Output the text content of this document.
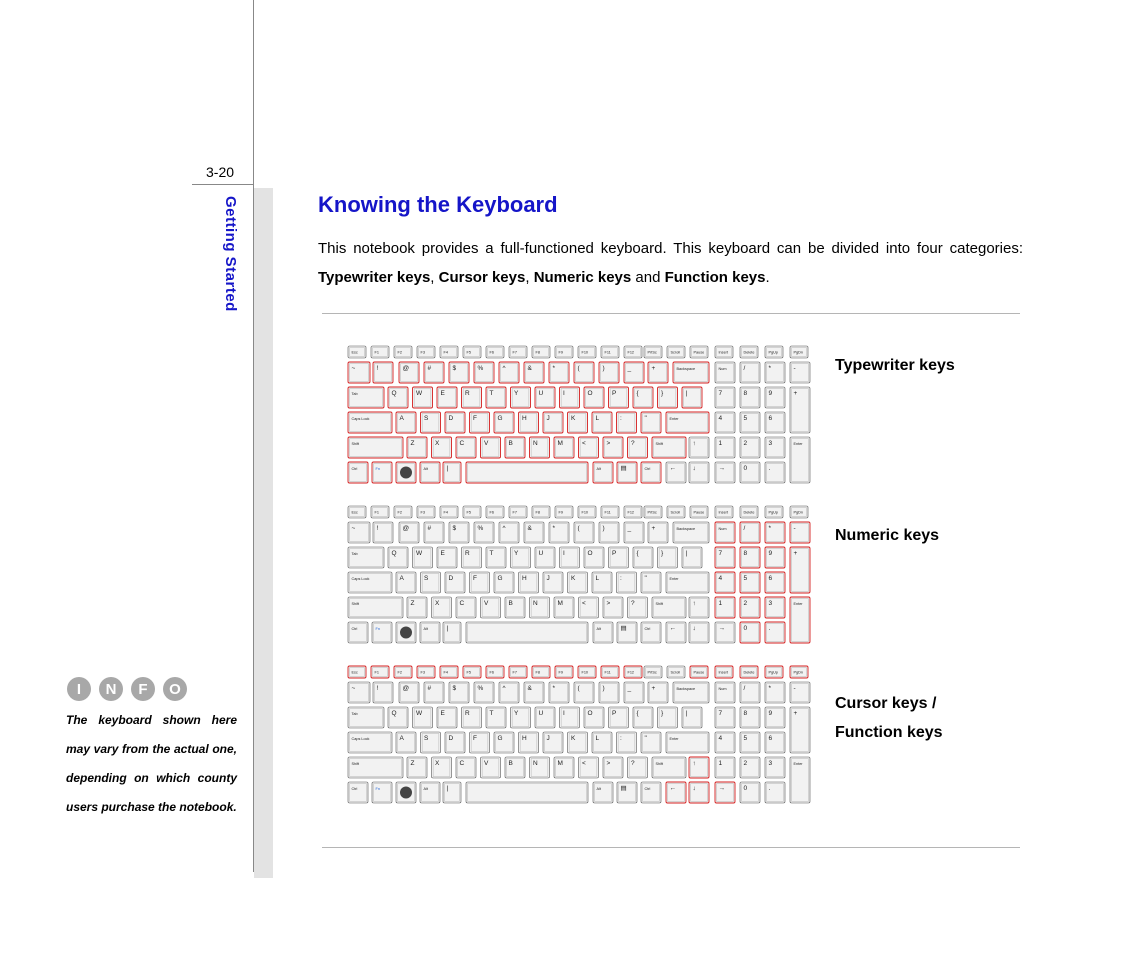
3-20
Getting Started
I N F O
The keyboard shown here may vary from the actual one, depending on which county users purchase the notebook.
Knowing the Keyboard
This notebook provides a full-functioned keyboard. This keyboard can be divided into four categories: Typewriter keys, Cursor keys, Numeric keys and Function keys.
Esc	F1	F2	F3	F4	F5	F6	F7	F8	F9	F10	F11	F12	PrtSc	Scroll	Pause	Insert	Delete	PgUp	PgDn
~	!	@	#	$	%	^	&	*	(	)	_	+	Backspace	Num	/	*	-
Tab	Q	W	E	R	T	Y	U	I	O	P	{	}	|	7	8	9
Caps Lock	A	S	D	F	G	H	J	K	L	:	"	Enter	4	5	6
Shift	Z	X	C	V	B	N	M	<	>	?	Shift	↑	1	2	3
Ctrl	Fn	Alt	|	Alt	▤	Ctrl	←	↓	→	0	.
+
Enter
Esc	F1	F2	F3	F4	F5	F6	F7	F8	F9	F10	F11	F12	PrtSc	Scroll	Pause	Insert	Delete	PgUp	PgDn
~	!	@	#	$	%	^	&	*	(	)	_	+	Backspace	Num	/	*	-
Tab	Q	W	E	R	T	Y	U	I	O	P	{	}	|	7	8	9
Caps Lock	A	S	D	F	G	H	J	K	L	:	"	Enter	4	5	6
Shift	Z	X	C	V	B	N	M	<	>	?	Shift	↑	1	2	3
Ctrl	Fn	Alt	|	Alt	▤	Ctrl	←	↓	→	0	.
+
Enter
Esc	F1	F2	F3	F4	F5	F6	F7	F8	F9	F10	F11	F12	PrtSc	Scroll	Pause	Insert	Delete	PgUp	PgDn
~	!	@	#	$	%	^	&	*	(	)	_	+	Backspace	Num	/	*	-
Tab	Q	W	E	R	T	Y	U	I	O	P	{	}	|	7	8	9
Caps Lock	A	S	D	F	G	H	J	K	L	:	"	Enter	4	5	6
Shift	Z	X	C	V	B	N	M	<	>	?	Shift	↑	1	2	3
Ctrl	Fn	Alt	|	Alt	▤	Ctrl	←	↓	→	0	.
+
Enter
Typewriter keys
Numeric keys
Cursor keys /
Function keys
